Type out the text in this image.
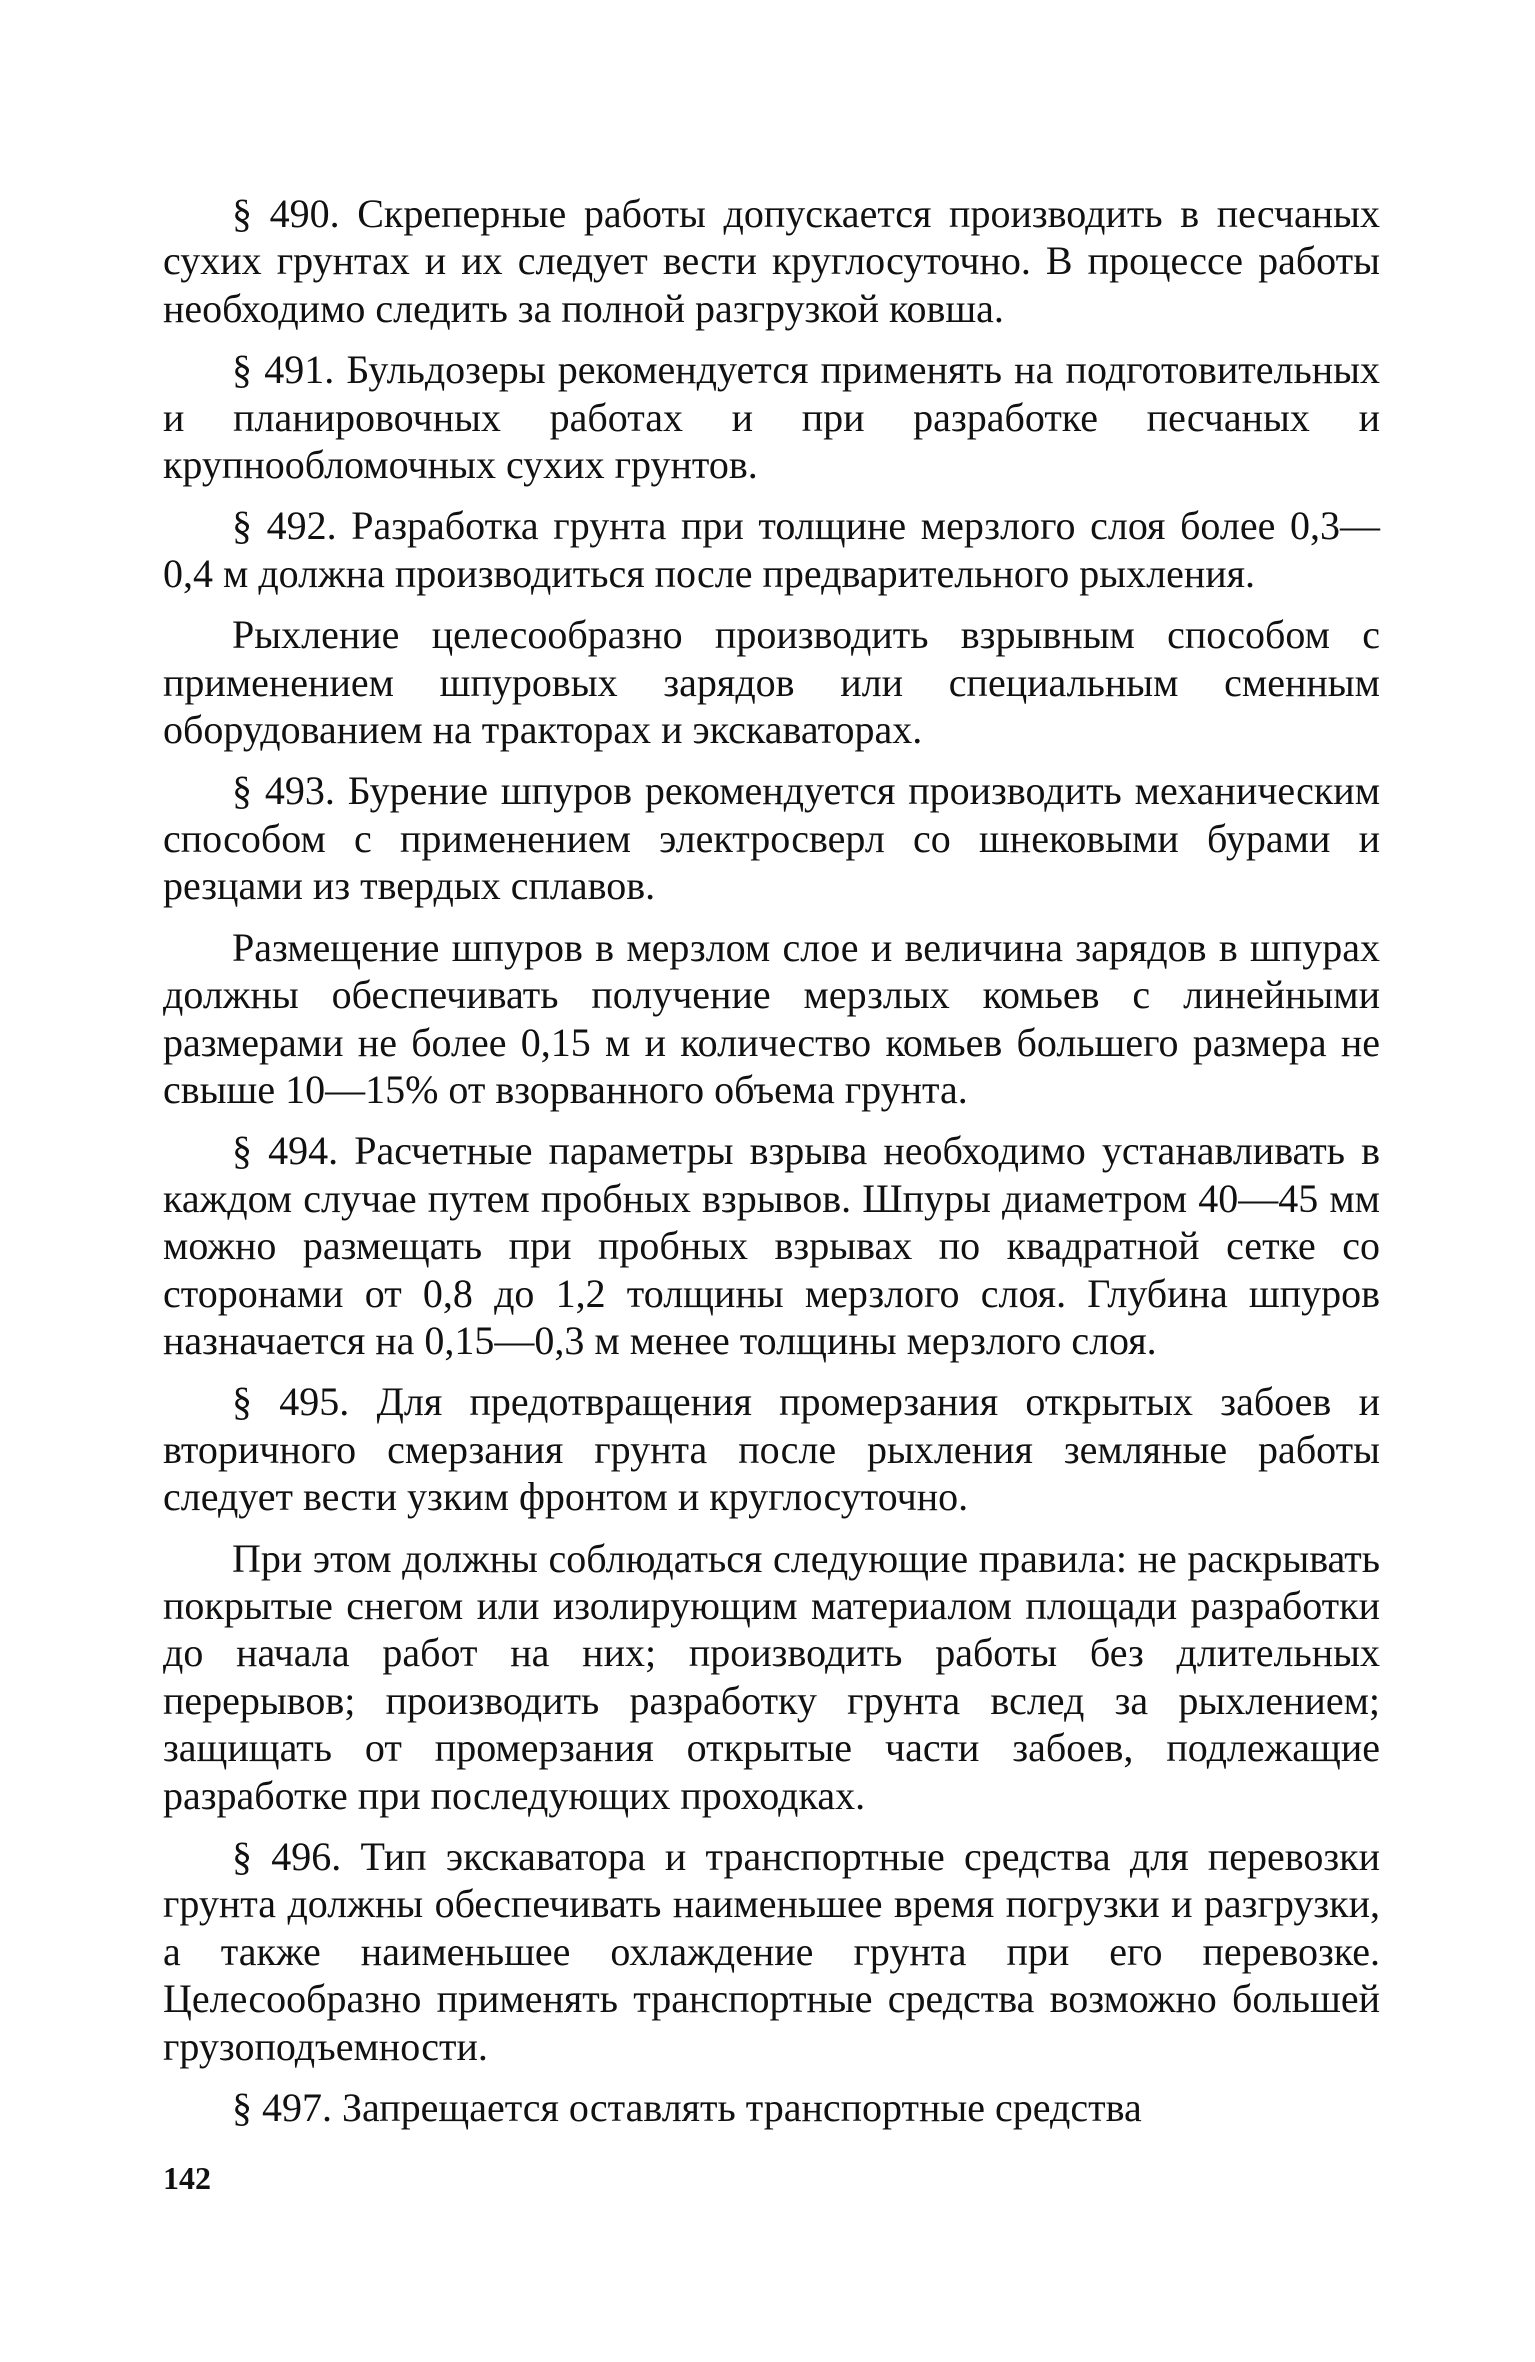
§ 490. Скреперные работы допускается производить в песчаных сухих грунтах и их следует вести круглосуточно. В процессе работы необходимо следить за полной разгрузкой ковша.

§ 491. Бульдозеры рекомендуется применять на подготовительных и планировочных работах и при разработке песчаных и крупнообломочных сухих грунтов.

§ 492. Разработка грунта при толщине мерзлого слоя более 0,3—0,4 м должна производиться после предварительного рыхления.

Рыхление целесообразно производить взрывным способом с применением шпуровых зарядов или специальным сменным оборудованием на тракторах и экскаваторах.

§ 493. Бурение шпуров рекомендуется производить механическим способом с применением электросверл со шнековыми бурами и резцами из твердых сплавов.

Размещение шпуров в мерзлом слое и величина зарядов в шпурах должны обеспечивать получение мерзлых комьев с линейными размерами не более 0,15 м и количество комьев большего размера не свыше 10—15% от взорванного объема грунта.

§ 494. Расчетные параметры взрыва необходимо устанавливать в каждом случае путем пробных взрывов. Шпуры диаметром 40—45 мм можно размещать при пробных взрывах по квадратной сетке со сторонами от 0,8 до 1,2 толщины мерзлого слоя. Глубина шпуров назначается на 0,15—0,3 м менее толщины мерзлого слоя.

§ 495. Для предотвращения промерзания открытых забоев и вторичного смерзания грунта после рыхления земляные работы следует вести узким фронтом и круглосуточно.

При этом должны соблюдаться следующие правила: не раскрывать покрытые снегом или изолирующим материалом площади разработки до начала работ на них; производить работы без длительных перерывов; производить разработку грунта вслед за рыхлением; защищать от промерзания открытые части забоев, подлежащие разработке при последующих проходках.

§ 496. Тип экскаватора и транспортные средства для перевозки грунта должны обеспечивать наименьшее время погрузки и разгрузки, а также наименьшее охлаждение грунта при его перевозке. Целесообразно применять транспортные средства возможно большей грузоподъемности.

§ 497. Запрещается оставлять транспортные средства

142
